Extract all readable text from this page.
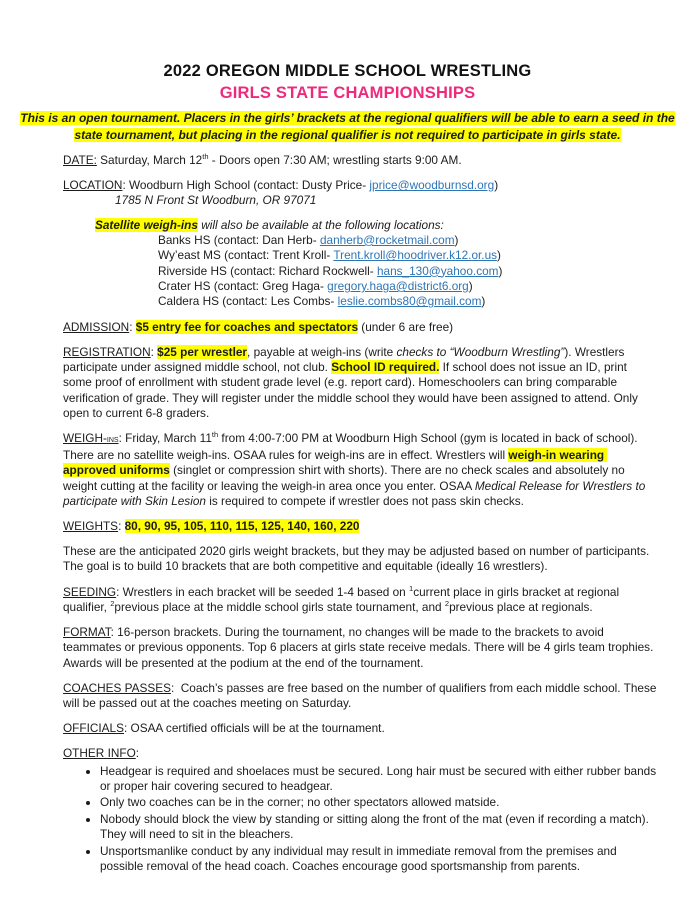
2022 OREGON MIDDLE SCHOOL WRESTLING
GIRLS STATE CHAMPIONSHIPS
This is an open tournament. Placers in the girls’ brackets at the regional qualifiers will be able to earn a seed in the state tournament, but placing in the regional qualifier is not required to participate in girls state.

DATE: Saturday, March 12th - Doors open 7:30 AM; wrestling starts 9:00 AM.

LOCATION: Woodburn High School (contact: Dusty Price- jprice@woodburnsd.org)

1785 N Front St Woodburn, OR 97071

Satellite weigh-ins will also be available at the following locations:

Banks HS (contact: Dan Herb- danherb@rocketmail.com)
Wy’east MS (contact: Trent Kroll- Trent.kroll@hoodriver.k12.or.us)
Riverside HS (contact: Richard Rockwell- hans_130@yahoo.com)
Crater HS (contact: Greg Haga- gregory.haga@district6.org)
Caldera HS (contact: Les Combs- leslie.combs80@gmail.com)

ADMISSION: $5 entry fee for coaches and spectators (under 6 are free)

REGISTRATION: $25 per wrestler, payable at weigh-ins (write checks to “Woodburn Wrestling”). Wrestlers participate under assigned middle school, not club. School ID required. If school does not issue an ID, print some proof of enrollment with student grade level (e.g. report card). Homeschoolers can bring comparable verification of grade. They will register under the middle school they would have been assigned to attend. Only open to current 6-8 graders.

WEIGH-INS: Friday, March 11th from 4:00-7:00 PM at Woodburn High School (gym is located in back of school). There are no satellite weigh-ins. OSAA rules for weigh-ins are in effect. Wrestlers will weigh-in wearing approved uniforms (singlet or compression shirt with shorts). There are no check scales and absolutely no weight cutting at the facility or leaving the weigh-in area once you enter. OSAA Medical Release for Wrestlers to participate with Skin Lesion is required to compete if wrestler does not pass skin checks.

WEIGHTS: 80, 90, 95, 105, 110, 115, 125, 140, 160, 220

These are the anticipated 2020 girls weight brackets, but they may be adjusted based on number of participants. The goal is to build 10 brackets that are both competitive and equitable (ideally 16 wrestlers).

SEEDING: Wrestlers in each bracket will be seeded 1-4 based on $^1$current place in girls bracket at regional qualifier, $^2$previous place at the middle school girls state tournament, and $^2$previous place at regionals.

FORMAT: 16-person brackets. During the tournament, no changes will be made to the brackets to avoid teammates or previous opponents. Top 6 placers at girls state receive medals. There will be 4 girls team trophies. Awards will be presented at the podium at the end of the tournament.

COACHES PASSES:  Coach’s passes are free based on the number of qualifiers from each middle school. These will be passed out at the coaches meeting on Saturday.

OFFICIALS: OSAA certified officials will be at the tournament.

OTHER INFO:

• Headgear is required and shoelaces must be secured. Long hair must be secured with either rubber bands or proper hair covering secured to headgear.
• Only two coaches can be in the corner; no other spectators allowed matside.
• Nobody should block the view by standing or sitting along the front of the mat (even if recording a match). They will need to sit in the bleachers.
• Unsportsmanlike conduct by any individual may result in immediate removal from the premises and possible removal of the head coach. Coaches encourage good sportsmanship from parents.
